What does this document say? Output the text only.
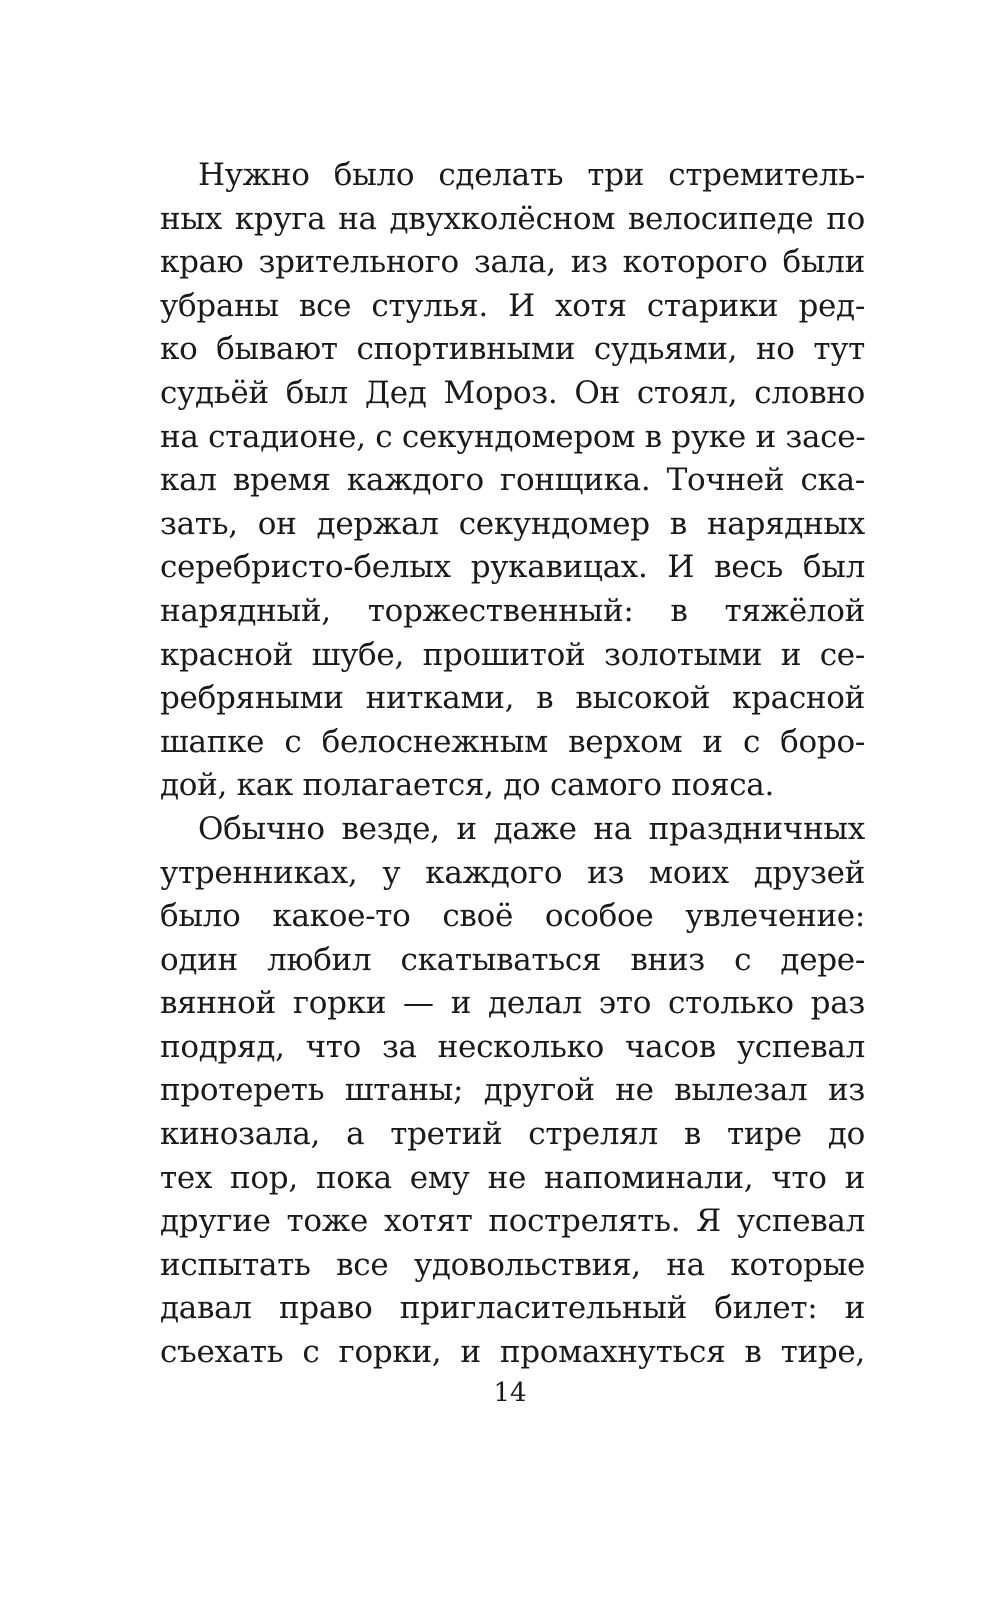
Нужно было сделать три стремитель-
ных круга на двухколёсном велосипеде по
краю зрительного зала, из которого были
убраны все стулья. И хотя старики ред-
ко бывают спортивными судьями, но тут
судьёй был Дед Мороз. Он стоял, словно
на стадионе, с секундомером в руке и засе-
кал время каждого гонщика. Точней ска-
зать, он держал секундомер в нарядных
серебристо-белых рукавицах. И весь был
нарядный, торжественный: в тяжёлой
красной шубе, прошитой золотыми и се-
ребряными нитками, в высокой красной
шапке с белоснежным верхом и с боро-
дой, как полагается, до самого пояса.
Обычно везде, и даже на праздничных
утренниках, у каждого из моих друзей
было какое-то своё особое увлечение:
один любил скатываться вниз с дере-
вянной горки — и делал это столько раз
подряд, что за несколько часов успевал
протереть штаны; другой не вылезал из
кинозала, а третий стрелял в тире до
тех пор, пока ему не напоминали, что и
другие тоже хотят пострелять. Я успевал
испытать все удовольствия, на которые
давал право пригласительный билет: и
съехать с горки, и промахнуться в тире,
14
